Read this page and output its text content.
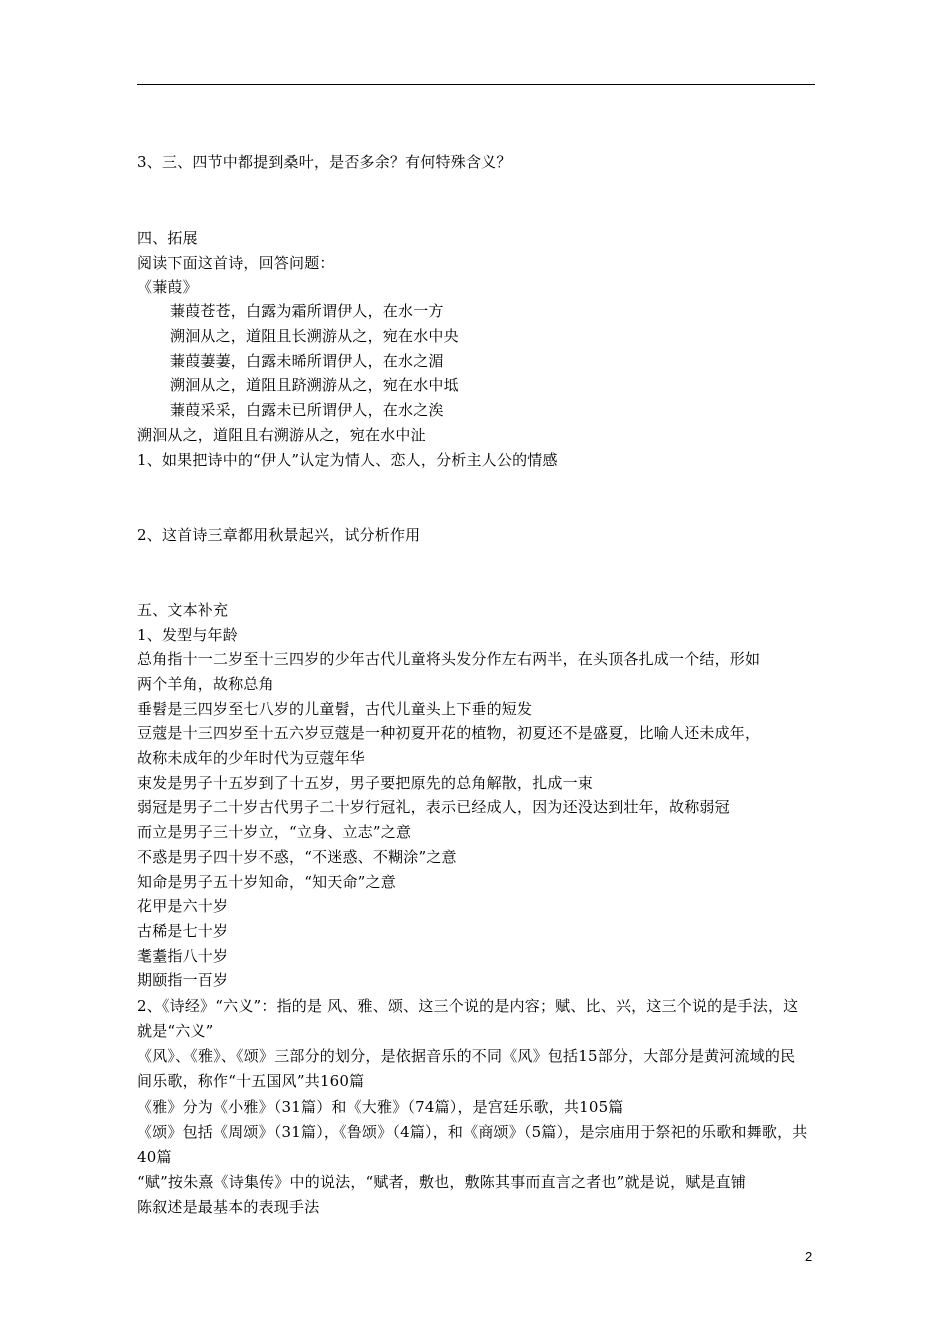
3、三、四节中都提到桑叶，是否多余？有何特殊含义？
四、拓展
阅读下面这首诗，回答问题：
《蒹葭》
蒹葭苍苍，白露为霜所谓伊人，在水一方
溯洄从之，道阻且长溯游从之，宛在水中央
蒹葭萋萋，白露未晞所谓伊人，在水之湄
溯洄从之，道阻且跻溯游从之，宛在水中坻
蒹葭采采，白露未已所谓伊人，在水之涘
溯洄从之，道阻且右溯游从之，宛在水中沚
1、如果把诗中的“伊人”认定为情人、恋人，分析主人公的情感
2、这首诗三章都用秋景起兴，试分析作用
五、文本补充
1、发型与年龄
总角指十一二岁至十三四岁的少年古代儿童将头发分作左右两半，在头顶各扎成一个结，形如
两个羊角，故称总角
垂髫是三四岁至七八岁的儿童髫，古代儿童头上下垂的短发
豆蔻是十三四岁至十五六岁豆蔻是一种初夏开花的植物，初夏还不是盛夏，比喻人还未成年，
故称未成年的少年时代为豆蔻年华
束发是男子十五岁到了十五岁，男子要把原先的总角解散，扎成一束
弱冠是男子二十岁古代男子二十岁行冠礼，表示已经成人，因为还没达到壮年，故称弱冠
而立是男子三十岁立，“立身、立志”之意
不惑是男子四十岁不惑，“不迷惑、不糊涂”之意
知命是男子五十岁知命，“知天命”之意
花甲是六十岁
古稀是七十岁
耄耋指八十岁
期颐指一百岁
2、《诗经》“六义”：指的是 风、雅、颂、这三个说的是内容；赋、比、兴，这三个说的是手法，这
就是“六义”
《风》、《雅》、《颂》三部分的划分，是依据音乐的不同《风》包括15部分，大部分是黄河流域的民
间乐歌，称作“十五国风”共160篇
《雅》分为《小雅》（31篇）和《大雅》（74篇），是宫廷乐歌，共105篇
《颂》包括《周颂》（31篇），《鲁颂》（4篇），和《商颂》（5篇），是宗庙用于祭祀的乐歌和舞歌，共
40篇
“赋”按朱熹《诗集传》中的说法，“赋者，敷也，敷陈其事而直言之者也”就是说，赋是直铺
陈叙述是最基本的表现手法
2
